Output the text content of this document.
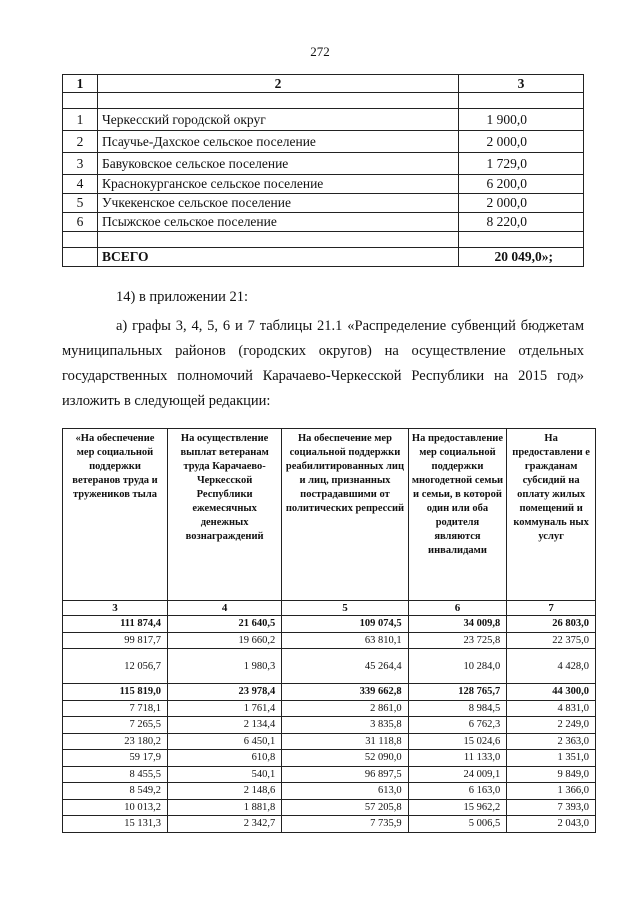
272
1	2	3

1	Черкесский городской округ	1 900,0
2	Псаучье-Дахское сельское поселение	2 000,0
3	Бавуковское сельское поселение	1 729,0
4	Краснокурганское сельское поселение	6 200,0
5	Учкекенское сельское поселение	2 000,0
6	Псыжское сельское поселение	8 220,0

	ВСЕГО	20 049,0»;
14) в приложении 21:
а) графы 3, 4, 5, 6 и 7 таблицы 21.1 «Распределение субвенций бюджетам
муниципальных районов (городских округов) на осуществление отдельных
государственных полномочий Карачаево-Черкесской Республики на 2015 год»
изложить в следующей редакции:
«На обеспечение мер социальной поддержки ветеранов труда и тружеников тыла	На осуществление выплат ветеранам труда Карачаево-Черкесской Республики ежемесячных денежных вознаграждений	На обеспечение мер социальной поддержки реабилитированных лиц и лиц, признанных пострадавшими от политических репрессий	На предоставление мер социальной поддержки многодетной семьи и семьи, в которой один или оба родителя являются инвалидами	На предоставлени е гражданам субсидий на оплату жилых помещений и коммуналь ных услуг
3	4	5	6	7
111 874,4	21 640,5	109 074,5	34 009,8	26 803,0
99 817,7	19 660,2	63 810,1	23 725,8	22 375,0
12 056,7	1 980,3	45 264,4	10 284,0	4 428,0
115 819,0	23 978,4	339 662,8	128 765,7	44 300,0
7 718,1	1 761,4	2 861,0	8 984,5	4 831,0
7 265,5	2 134,4	3 835,8	6 762,3	2 249,0
23 180,2	6 450,1	31 118,8	15 024,6	2 363,0
59 17,9	610,8	52 090,0	11 133,0	1 351,0
8 455,5	540,1	96 897,5	24 009,1	9 849,0
8 549,2	2 148,6	613,0	6 163,0	1 366,0
10 013,2	1 881,8	57 205,8	15 962,2	7 393,0
15 131,3	2 342,7	7 735,9	5 006,5	2 043,0
